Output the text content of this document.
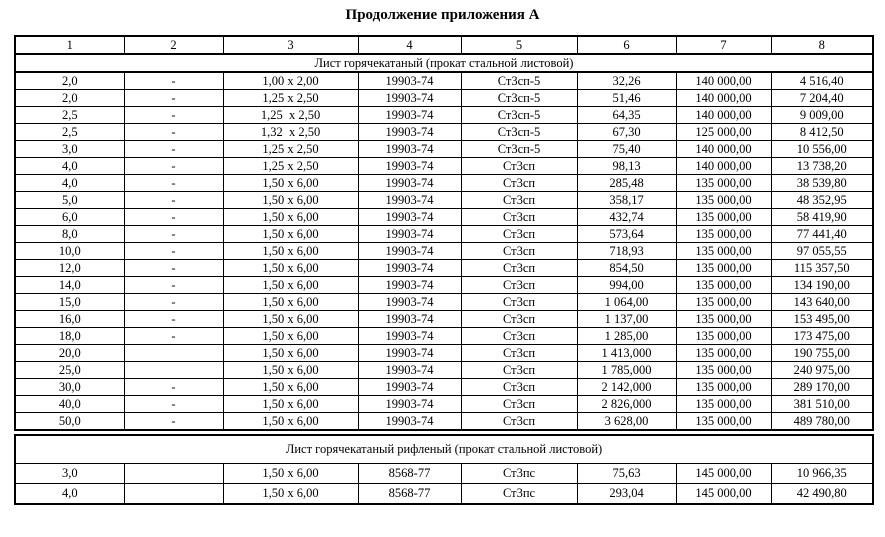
Продолжение приложения А
1	2	3	4	5	6	7	8
Лист горячекатаный (прокат стальной листовой)							
2,0	-	1,00 x 2,00	19903-74	Ст3сп-5	32,26	140 000,00	4 516,40
2,0	-	1,25 x 2,50	19903-74	Ст3сп-5	51,46	140 000,00	7 204,40
2,5	-	1,25  x 2,50	19903-74	Ст3сп-5	64,35	140 000,00	9 009,00
2,5	-	1,32  x 2,50	19903-74	Ст3сп-5	67,30	125 000,00	8 412,50
3,0	-	1,25 x 2,50	19903-74	Ст3сп-5	75,40	140 000,00	10 556,00
4,0	-	1,25 x 2,50	19903-74	Ст3сп	98,13	140 000,00	13 738,20
4,0	-	1,50 x 6,00	19903-74	Ст3сп	285,48	135 000,00	38 539,80
5,0	-	1,50 x 6,00	19903-74	Ст3сп	358,17	135 000,00	48 352,95
6,0	-	1,50 x 6,00	19903-74	Ст3сп	432,74	135 000,00	58 419,90
8,0	-	1,50 x 6,00	19903-74	Ст3сп	573,64	135 000,00	77 441,40
10,0	-	1,50 x 6,00	19903-74	Ст3сп	718,93	135 000,00	97 055,55
12,0	-	1,50 x 6,00	19903-74	Ст3сп	854,50	135 000,00	115 357,50
14,0	-	1,50 x 6,00	19903-74	Ст3сп	994,00	135 000,00	134 190,00
15,0	-	1,50 x 6,00	19903-74	Ст3сп	1 064,00	135 000,00	143 640,00
16,0	-	1,50 x 6,00	19903-74	Ст3сп	1 137,00	135 000,00	153 495,00
18,0	-	1,50 x 6,00	19903-74	Ст3сп	1 285,00	135 000,00	173 475,00
20,0		1,50 x 6,00	19903-74	Ст3сп	1 413,000	135 000,00	190 755,00
25,0		1,50 x 6,00	19903-74	Ст3сп	1 785,000	135 000,00	240 975,00
30,0	-	1,50 x 6,00	19903-74	Ст3сп	2 142,000	135 000,00	289 170,00
40,0	-	1,50 x 6,00	19903-74	Ст3сп	2 826,000	135 000,00	381 510,00
50,0	-	1,50 x 6,00	19903-74	Ст3сп	3 628,00	135 000,00	489 780,00
Лист горячекатаный рифленый (прокат стальной листовой)							
3,0		1,50 x 6,00	8568-77	Ст3пс	75,63	145 000,00	10 966,35
4,0		1,50 x 6,00	8568-77	Ст3пс	293,04	145 000,00	42 490,80
